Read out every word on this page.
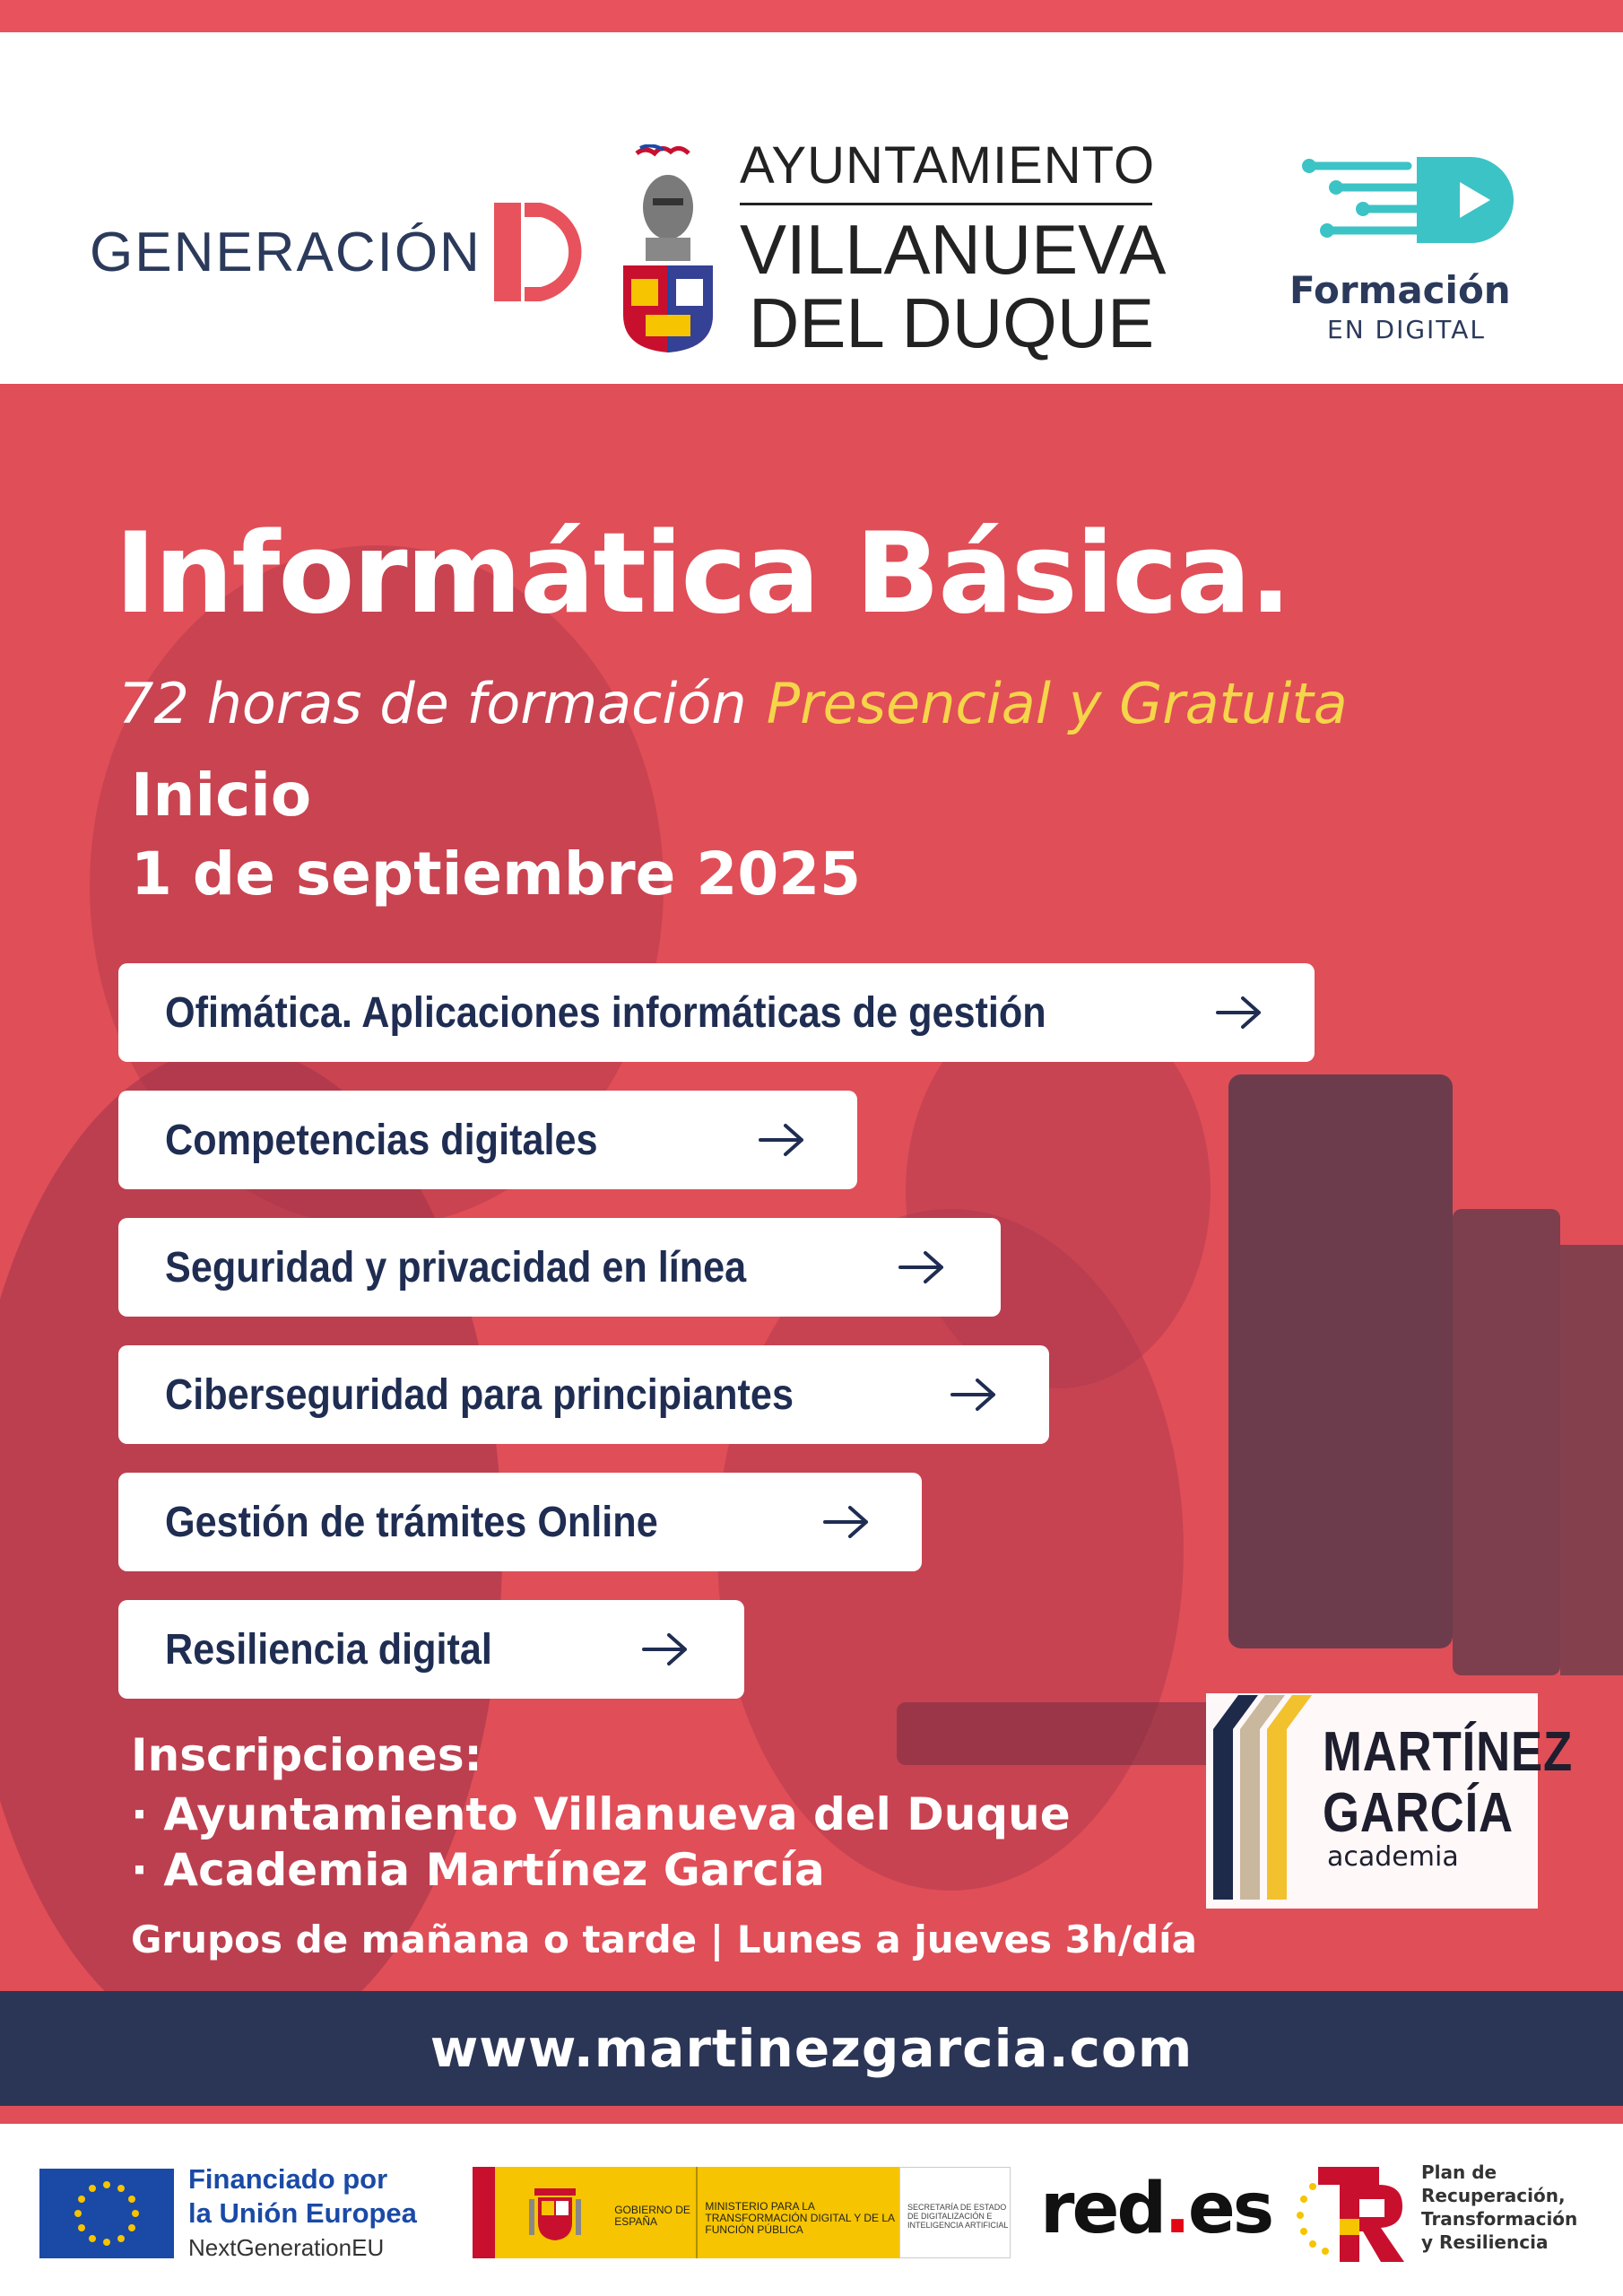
GENERACIÓN
AYUNTAMIENTO
VILLANUEVA
DEL DUQUE	Formación
EN DIGITAL
Informática Básica.
72 horas de formación Presencial y Gratuita
Inicio
1 de septiembre 2025
Ofimática. Aplicaciones informáticas de gestión
Competencias digitales
Seguridad y privacidad en línea
Ciberseguridad para principiantes
Gestión de trámites Online
Resiliencia digital
Inscripciones:
· Ayuntamiento Villanueva del Duque
· Academia Martínez García
Grupos de mañana o tarde | Lunes a jueves 3h/día
MARTÍNEZ
GARCÍA
academia
www.martinezgarcia.com
Financiado por
la Unión Europea
NextGenerationEU
GOBIERNO DE ESPAÑA
MINISTERIO PARA LA TRANSFORMACIÓN DIGITAL Y DE LA FUNCIÓN PÚBLICA
SECRETARÍA DE ESTADO DE DIGITALIZACIÓN E INTELIGENCIA ARTIFICIAL red.es	Plan de
Recuperación,
Transformación
y Resiliencia
